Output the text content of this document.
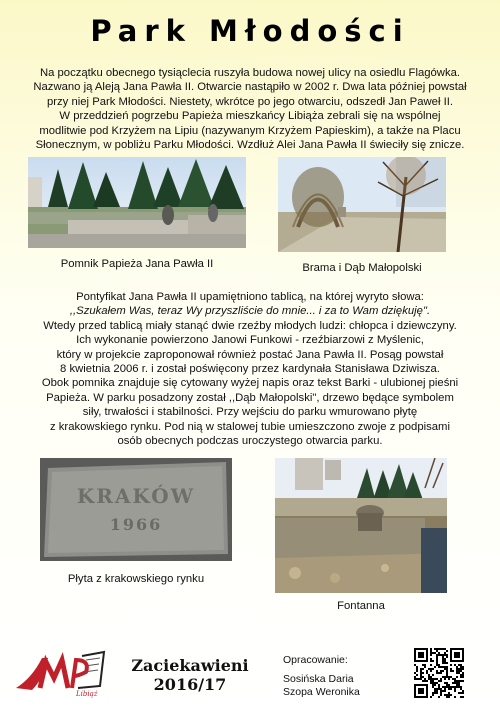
Park Młodości
Na początku obecnego tysiąclecia ruszyła budowa nowej ulicy na osiedlu Flagówka.
Nazwano ją Aleją Jana Pawła II. Otwarcie nastąpiło w 2002 r. Dwa lata później powstał
przy niej Park Młodości. Niestety, wkrótce po jego otwarciu, odszedł Jan Paweł II.
W przeddzień pogrzebu Papieża mieszkańcy Libiąża zebrali się na wspólnej
modlitwie pod Krzyżem na Lipiu (nazywanym Krzyżem Papieskim), a także na Placu
Słonecznym, w pobliżu Parku Młodości. Wzdłuż Alei Jana Pawła II świeciły się znicze.
Pomnik Papieża Jana Pawła II	Brama i Dąb Małopolski
Pontyfikat Jana Pawła II upamiętniono tablicą, na której wyryto słowa:
,,Szukałem Was, teraz Wy przyszliście do mnie... i za to Wam dziękuję".
Wtedy przed tablicą miały stanąć dwie rzeźby młodych ludzi: chłopca i dziewczyny.
Ich wykonanie powierzono Janowi Funkowi - rzeźbiarzowi z Myślenic,
który w projekcie zaproponował również postać Jana Pawła II. Posąg powstał
8 kwietnia 2006 r. i został poświęcony przez kardynała Stanisława Dziwisza.
Obok pomnika znajduje się cytowany wyżej napis oraz tekst Barki - ulubionej pieśni
Papieża. W parku posadzony został ,,Dąb Małopolski", drzewo będące symbolem
siły, trwałości i stabilności. Przy wejściu do parku wmurowano płytę
z krakowskiego rynku. Pod nią w stalowej tubie umieszczono zwoje z podpisami
osób obecnych podczas uroczystego otwarcia parku.
KRAKÓW
1966
Płyta z krakowskiego rynku
Fontanna
Libiąż
Zaciekawieni
2016/17
Opracowanie:
Sosińska Daria
Szopa Weronika
